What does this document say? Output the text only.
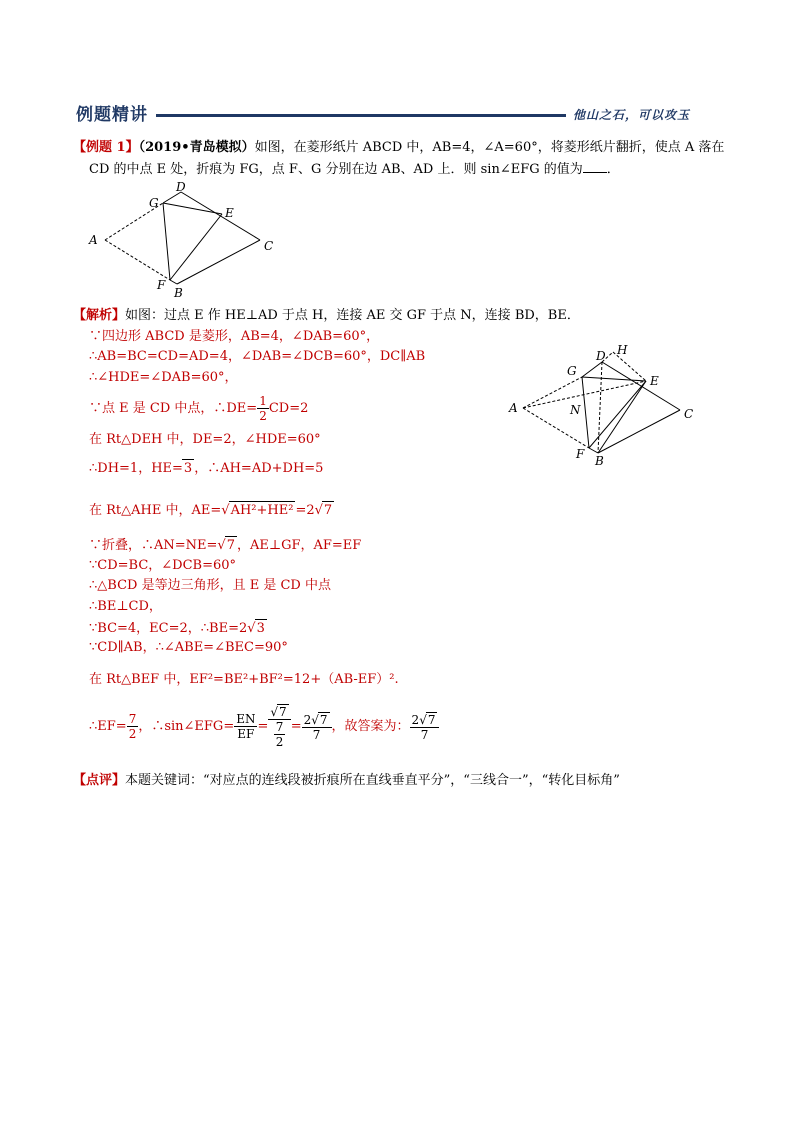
例题精讲	他山之石，可以攻玉
【例题 1】（2019•青岛模拟）如图，在菱形纸片 ABCD 中，AB=4，∠A=60°，将菱形纸片翻折，使点 A 落在
CD 的中点 E 处，折痕为 FG，点 F、G 分别在边 AB、AD 上．则 sin∠EFG 的值为 ．
D
G
E
A	C
F
B
【解析】如图：过点 E 作 HE⊥AD 于点 H，连接 AE 交 GF 于点 N，连接 BD，BE．
∵四边形 ABCD 是菱形，AB=4，∠DAB=60°，
∴AB=BC=CD=AD=4，∠DAB=∠DCB=60°，DC∥AB
∴∠HDE=∠DAB=60°，
∵点 E 是 CD 中点，∴DE= $\frac{1}{2} CD=2$
在 Rt△DEH 中，DE=2，∠HDE=60°
∴DH=1，HE=3 ，∴AH=AD+DH=5
在 Rt△AHE 中，AE=√AH²+HE² =2√7
∵折叠，∴AN=NE=√7 ，AE⊥GF，AF=EF
∵CD=BC，∠DCB=60°
∴△BCD 是等边三角形，且 E 是 CD 中点
∴BE⊥CD，
∵BC=4，EC=2，∴BE=2√3
∵CD∥AB，∴∠ABE=∠BEC=90°
在 Rt△BEF 中，EF²=BE²+BF²=12+（AB-EF）².
∴EF= $\frac{7}{2}$ ，∴sin∠EFG= $\frac{EN}{EF} = \frac{√7}{\frac{7}{2}} = \frac{2√7}{7}$ ，故答案为： $\frac{2√7}{7}$
D H
G
E
A	N	C
F B
【点评】本题关键词：“对应点的连线段被折痕所在直线垂直平分”，“三线合一”，“转化目标角”
